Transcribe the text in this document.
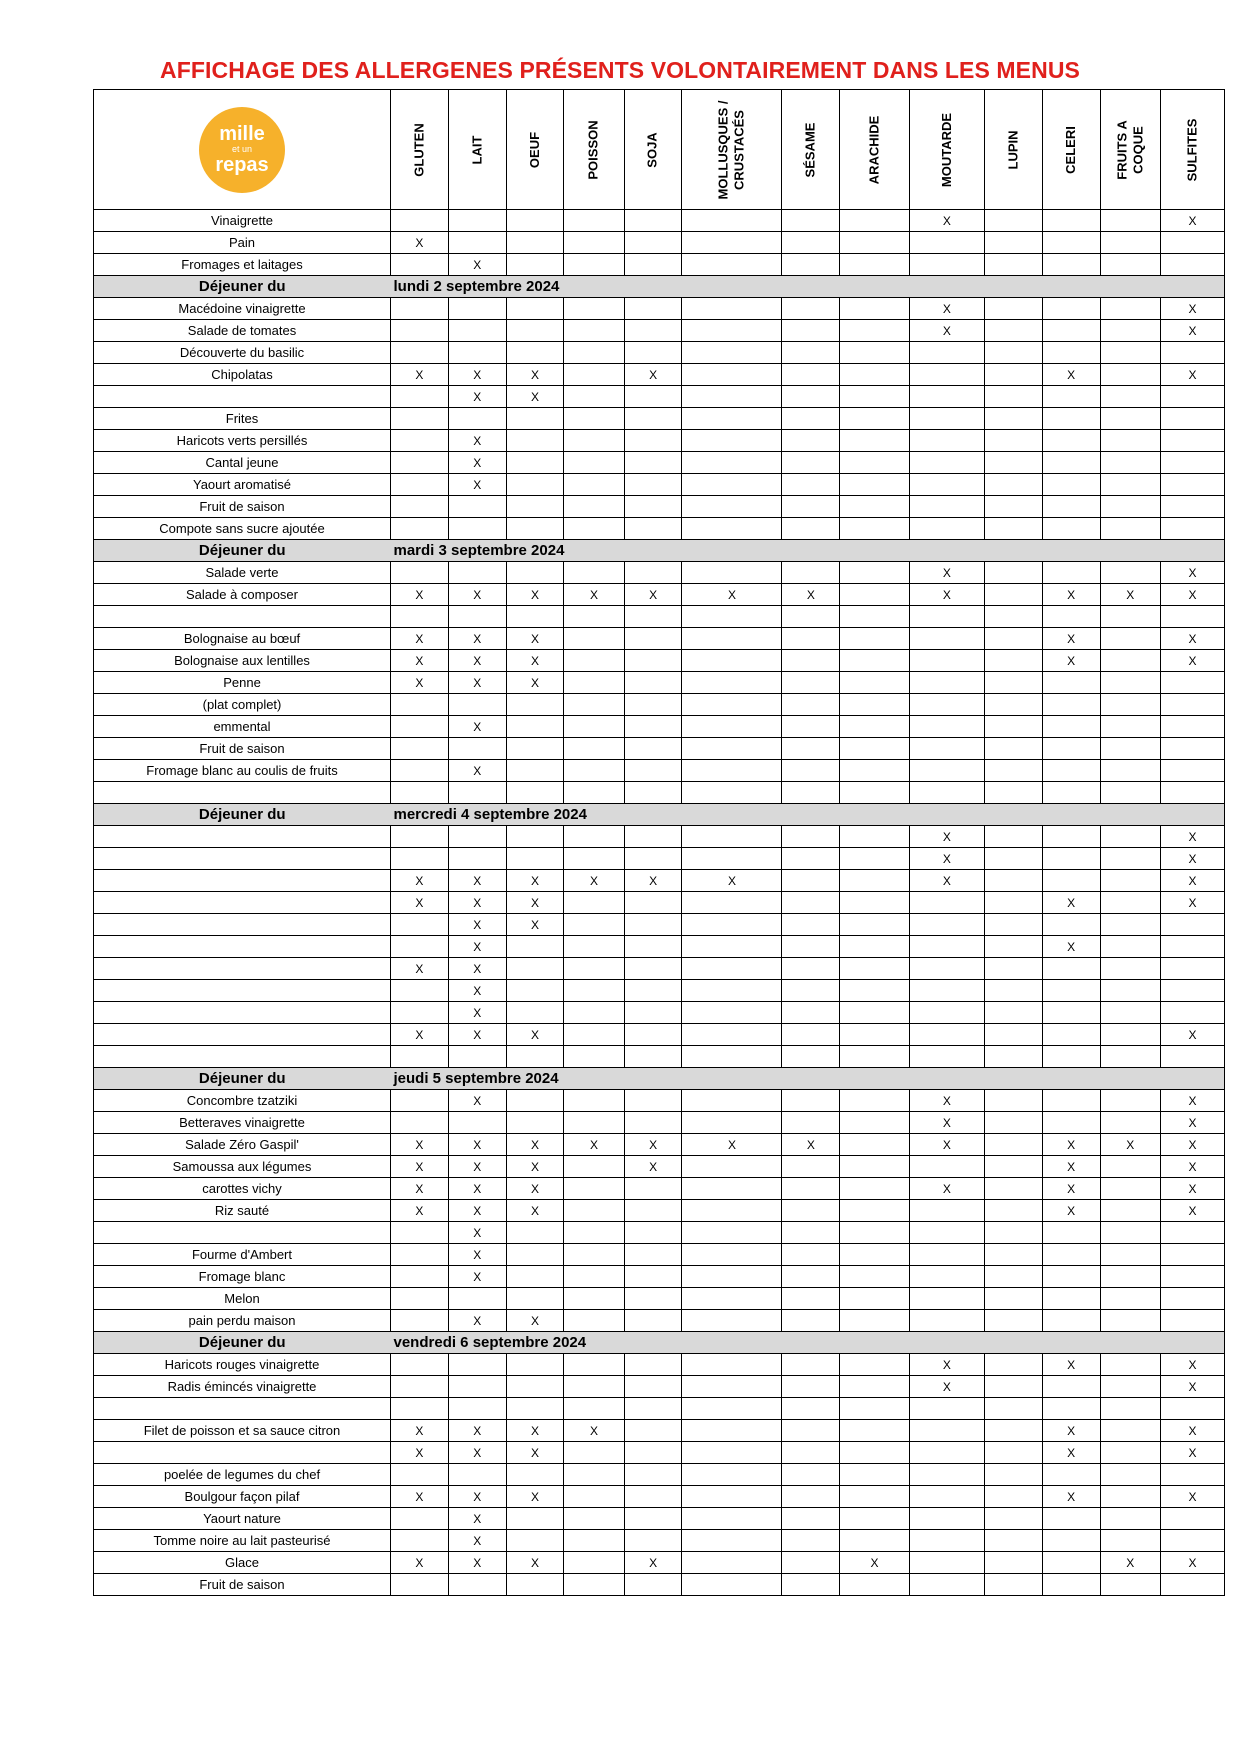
AFFICHAGE DES ALLERGENES PRÉSENTS VOLONTAIREMENT DANS LES MENUS
mille
et un
repas	GLUTEN	LAIT	OEUF	POISSON	SOJA	MOLLUSQUES /
CRUSTACÉS	SÉSAME	ARACHIDE	MOUTARDE	LUPIN	CELERI	FRUITS A
COQUE	SULFITES
Vinaigrette									X				X
Pain	X												
Fromages et laitages		X											
Déjeuner du	lundi 2 septembre 2024												
Macédoine vinaigrette									X				X
Salade de tomates									X				X
Découverte du basilic													
Chipolatas	X	X	X		X						X		X
		X	X										
Frites													
Haricots verts persillés		X											
Cantal jeune		X											
Yaourt aromatisé		X											
Fruit de saison													
Compote sans sucre ajoutée													
Déjeuner du	mardi 3 septembre 2024												
Salade verte									X				X
Salade à composer	X	X	X	X	X	X	X		X		X	X	X

Bolognaise au bœuf	X	X	X								X		X
Bolognaise aux lentilles	X	X	X								X		X
Penne	X	X	X										
(plat complet)													
emmental		X											
Fruit de saison													
Fromage blanc au coulis de fruits		X											

Déjeuner du	mercredi 4 septembre 2024												
									X				X
									X				X
	X	X	X	X	X	X			X				X
	X	X	X								X		X
		X	X										
		X									X		
	X	X											
		X											
		X											
	X	X	X										X

Déjeuner du	jeudi 5 septembre 2024												
Concombre tzatziki		X							X				X
Betteraves vinaigrette									X				X
Salade Zéro Gaspil'	X	X	X	X	X	X	X		X		X	X	X
Samoussa aux légumes	X	X	X		X						X		X
carottes vichy	X	X	X						X		X		X
Riz sauté	X	X	X								X		X
		X											
Fourme d'Ambert		X											
Fromage blanc		X											
Melon													
pain perdu maison		X	X										
Déjeuner du	vendredi 6 septembre 2024												
Haricots rouges vinaigrette									X		X		X
Radis émincés vinaigrette									X				X

Filet de poisson et sa sauce citron	X	X	X	X							X		X
	X	X	X								X		X
poelée de legumes du chef													
Boulgour façon pilaf	X	X	X								X		X
Yaourt nature		X											
Tomme noire au lait pasteurisé		X											
Glace	X	X	X		X			X				X	X
Fruit de saison													
